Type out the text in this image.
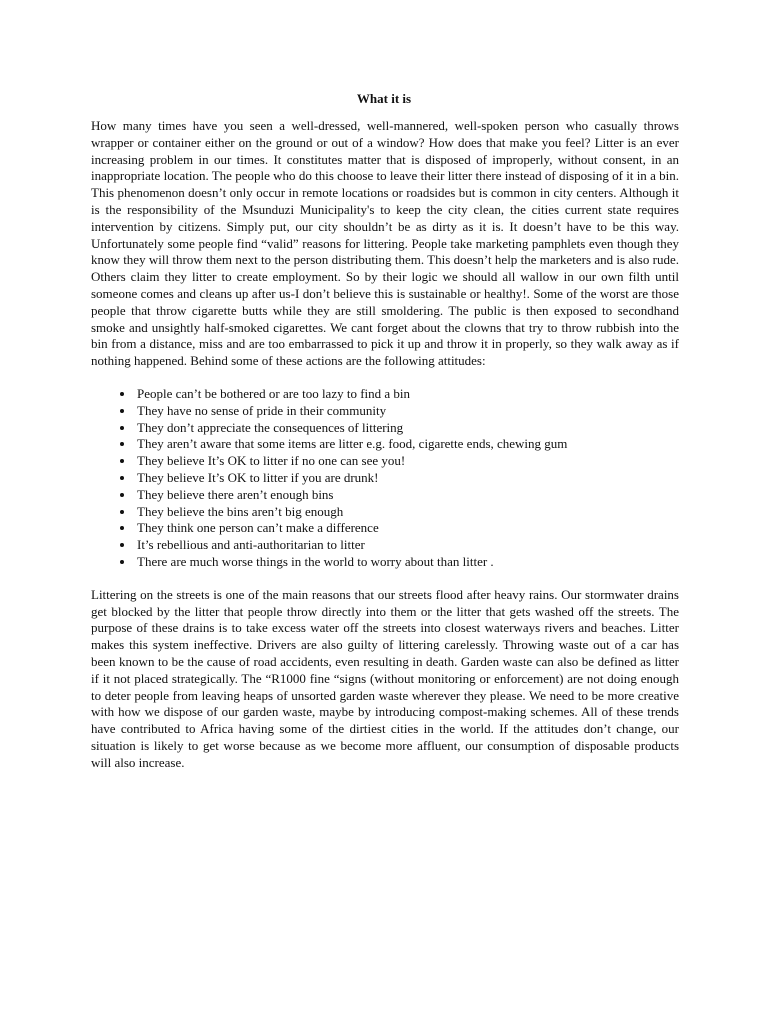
What it is

How many times have you seen a well-dressed, well-mannered, well-spoken person who casually throws wrapper or container either on the ground or out of a window? How does that make you feel? Litter is an ever increasing problem in our times. It constitutes matter that is disposed of improperly, without consent, in an inappropriate location. The people who do this choose to leave their litter there instead of disposing of it in a bin. This phenomenon doesn’t only occur in remote locations or roadsides but is common in city centers. Although it is the responsibility of the Msunduzi Municipality's to keep the city clean, the cities current state requires intervention by citizens. Simply put, our city shouldn’t be as dirty as it is. It doesn’t have to be this way. Unfortunately some people find “valid” reasons for littering. People take marketing pamphlets even though they know they will throw them next to the person distributing them. This doesn’t help the marketers and is also rude. Others claim they litter to create employment. So by their logic we should all wallow in our own filth until someone comes and cleans up after us-I don’t believe this is sustainable or healthy!. Some of the worst are those people that throw cigarette butts while they are still smoldering. The public is then exposed to secondhand smoke and unsightly half-smoked cigarettes. We cant forget about the clowns that try to throw rubbish into the bin from a distance, miss and are too embarrassed to pick it up and throw it in properly, so they walk away as if nothing happened. Behind some of these actions are the following attitudes:

• People can’t be bothered or are too lazy to find a bin
• They have no sense of pride in their community
• They don’t appreciate the consequences of littering
• They aren’t aware that some items are litter e.g. food, cigarette ends, chewing gum
• They believe It’s OK to litter if no one can see you!
• They believe It’s OK to litter if you are drunk!
• They believe there aren’t enough bins
• They believe the bins aren’t big enough
• They think one person can’t make a difference
• It’s rebellious and anti-authoritarian to litter
• There are much worse things in the world to worry about than litter .

Littering on the streets is one of the main reasons that our streets flood after heavy rains. Our stormwater drains get blocked by the litter that people throw directly into them or the litter that gets washed off the streets. The purpose of these drains is to take excess water off the streets into closest waterways rivers and beaches. Litter makes this system ineffective. Drivers are also guilty of littering carelessly. Throwing waste out of a car has been known to be the cause of road accidents, even resulting in death. Garden waste can also be defined as litter if it not placed strategically. The “R1000 fine “signs (without monitoring or enforcement) are not doing enough to deter people from leaving heaps of unsorted garden waste wherever they please. We need to be more creative with how we dispose of our garden waste, maybe by introducing compost-making schemes. All of these trends have contributed to Africa having some of the dirtiest cities in the world. If the attitudes don’t change, our situation is likely to get worse because as we become more affluent, our consumption of disposable products will also increase.
